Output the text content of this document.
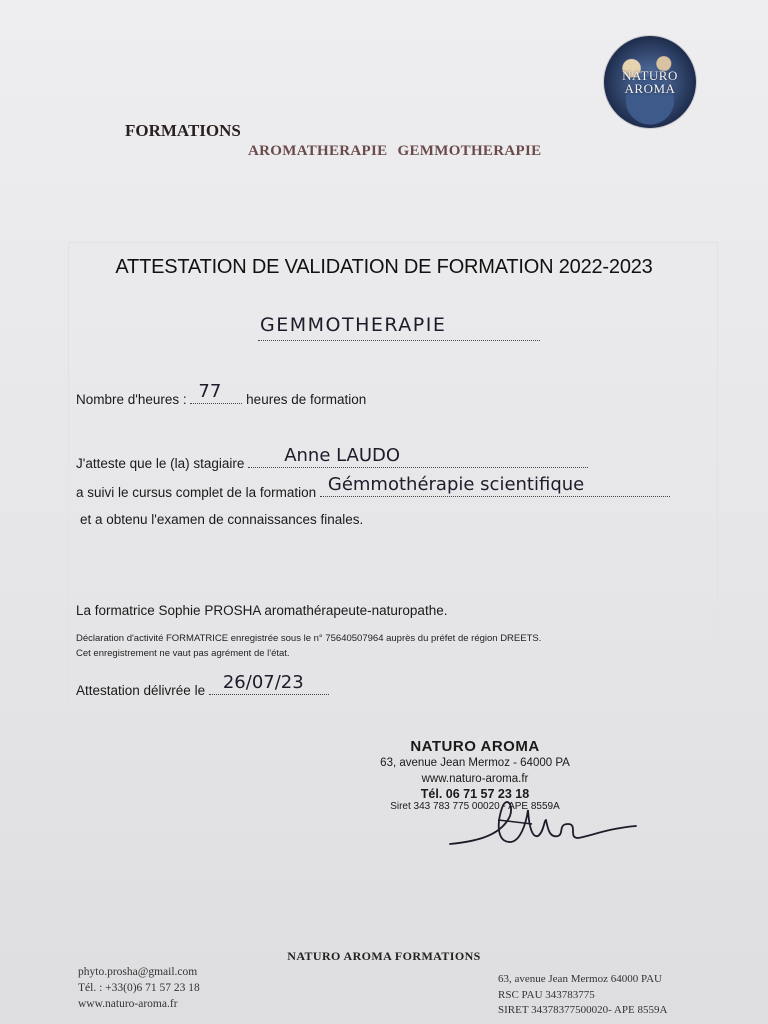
NATURO
AROMA
FORMATIONS
AROMATHERAPIE GEMMOTHERAPIE
ATTESTATION DE VALIDATION DE FORMATION 2022-2023
GEMMOTHERAPIE
Nombre d'heures : 77 heures de formation
J'atteste que le (la) stagiaire Anne LAUDO
a suivi le cursus complet de la formation Gémmothérapie scientifique
et a obtenu l'examen de connaissances finales.
La formatrice Sophie PROSHA aromathérapeute-naturopathe.
Déclaration d'activité FORMATRICE enregistrée sous le n° 75640507964 auprès du préfet de région DREETS.
Cet enregistrement ne vaut pas agrément de l'état.
Attestation délivrée le 26/07/23
NATURO AROMA
63, avenue Jean Mermoz - 64000 PA
www.naturo-aroma.fr
Tél. 06 71 57 23 18
Siret 343 783 775 00020 - APE 8559A
NATURO AROMA FORMATIONS
phyto.prosha@gmail.com
Tél. : +33(0)6 71 57 23 18
www.naturo-aroma.fr
63, avenue Jean Mermoz 64000 PAU
RSC PAU 343783775
SIRET 34378377500020- APE 8559A
